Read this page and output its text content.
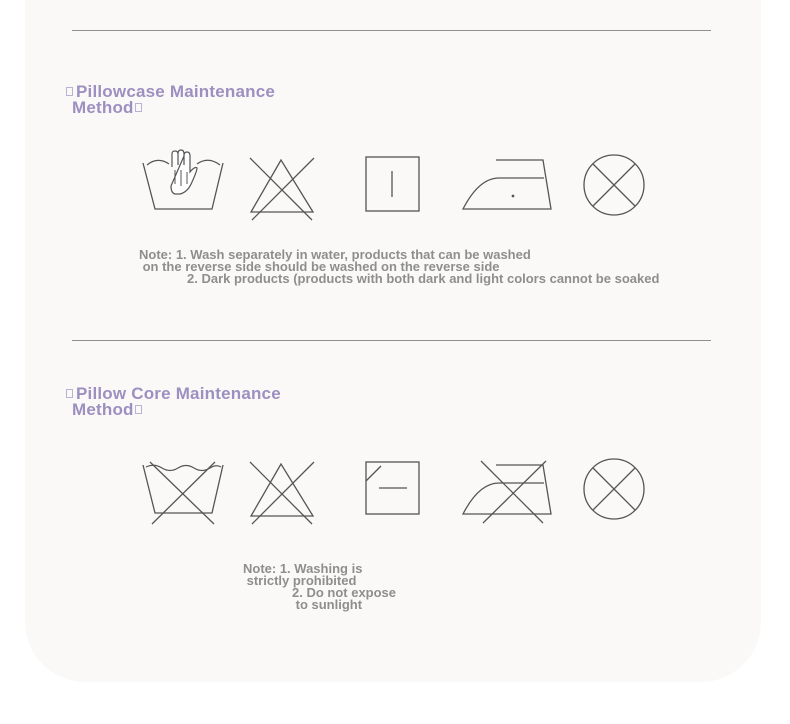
Pillowcase Maintenance
Method

Note: 1. Wash separately in water, products that can be washed

on the reverse side should be washed on the reverse side

2. Dark products (products with both dark and light colors cannot be soaked

Pillow Core Maintenance
Method

Note: 1. Washing is

strictly prohibited

2. Do not expose

to sunlight
